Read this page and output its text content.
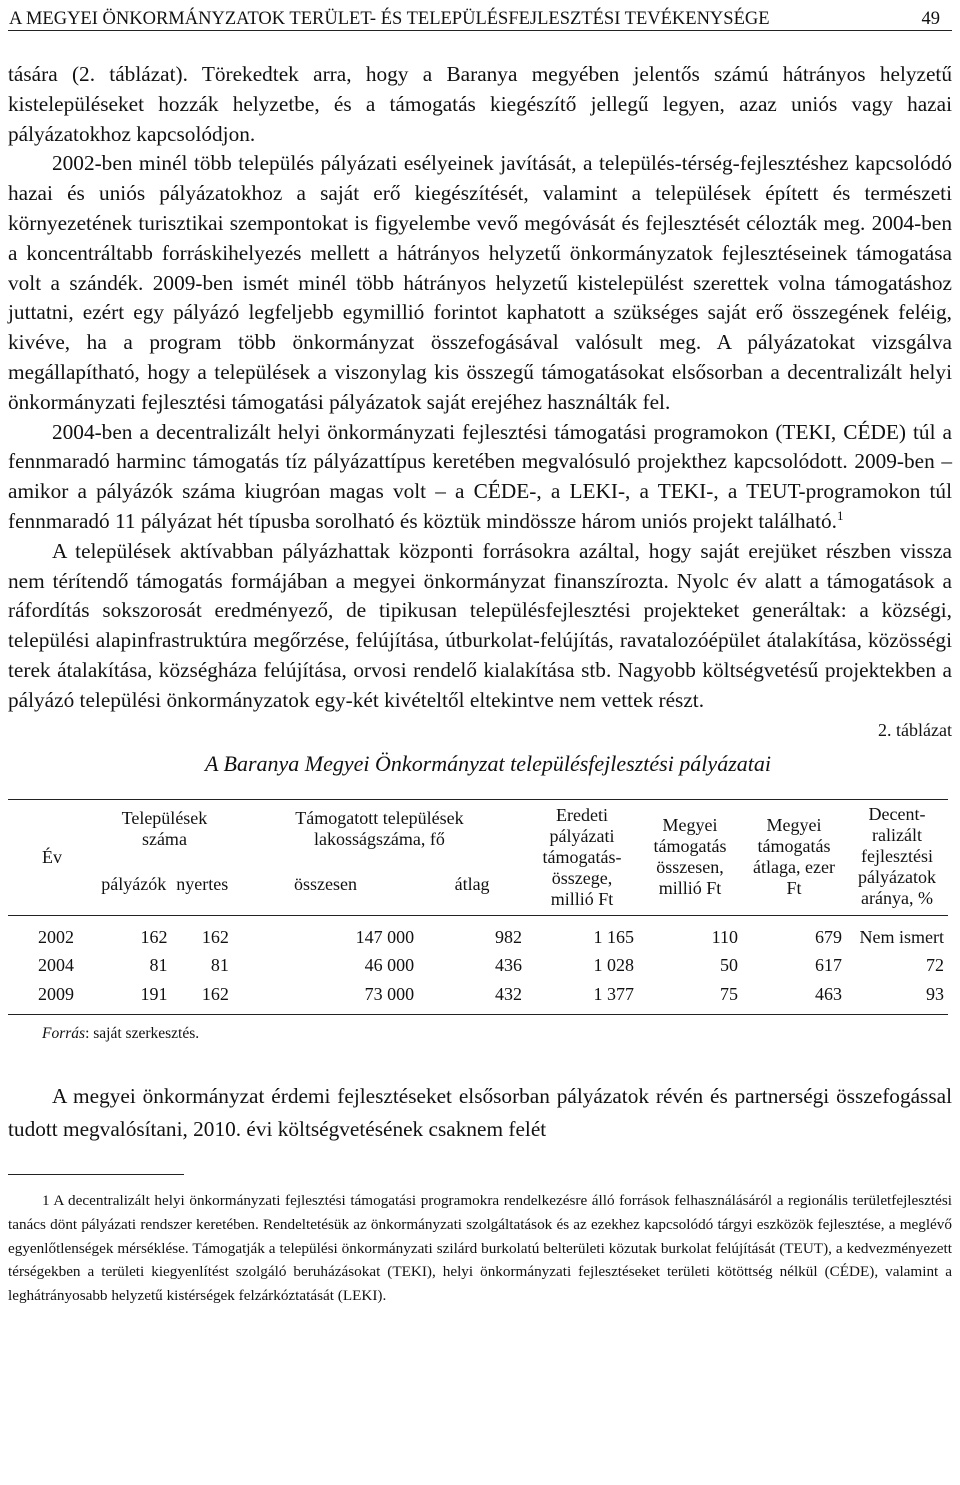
A MEGYEI ÖNKORMÁNYZATOK TERÜLET- ÉS TELEPÜLÉSFEJLESZTÉSI TEVÉKENYSÉGE	49

tására (2. táblázat). Törekedtek arra, hogy a Baranya megyében jelentős számú hátrányos helyzetű kistelepüléseket hozzák helyzetbe, és a támogatás kiegészítő jellegű legyen, azaz uniós vagy hazai pályázatokhoz kapcsolódjon.

2002-ben minél több település pályázati esélyeinek javítását, a település-térség-fejlesztéshez kapcsolódó hazai és uniós pályázatokhoz a saját erő kiegészítését, valamint a települések épített és természeti környezetének turisztikai szempontokat is figyelembe vevő megóvását és fejlesztését célozták meg. 2004-ben a koncentráltabb forráskihelyezés mellett a hátrányos helyzetű önkormányzatok fejlesztéseinek támogatása volt a szándék. 2009-ben ismét minél több hátrányos helyzetű kistelepülést szerettek volna támogatáshoz juttatni, ezért egy pályázó legfeljebb egymillió forintot kaphatott a szükséges saját erő összegének feléig, kivéve, ha a program több önkormányzat összefogásával valósult meg. A pályázatokat vizsgálva megállapítható, hogy a települések a viszonylag kis összegű támogatásokat elsősorban a decentralizált helyi önkormányzati fejlesztési támogatási pályázatok saját erejéhez használták fel.

2004-ben a decentralizált helyi önkormányzati fejlesztési támogatási programokon (TEKI, CÉDE) túl a fennmaradó harminc támogatás tíz pályázattípus keretében megvalósuló projekthez kapcsolódott. 2009-ben – amikor a pályázók száma kiugróan magas volt – a CÉDE-, a LEKI-, a TEKI-, a TEUT-programokon túl fennmaradó 11 pályázat hét típusba sorolható és köztük mindössze három uniós projekt található.$^1$

A települések aktívabban pályázhattak központi forrásokra azáltal, hogy saját erejüket részben vissza nem térítendő támogatás formájában a megyei önkormányzat finanszírozta. Nyolc év alatt a támogatások a ráfordítás sokszorosát eredményező, de tipikusan településfejlesztési projekteket generáltak: a községi, települési alapinfrastruktúra megőrzése, felújítása, útburkolat-felújítás, ravatalozóépület átalakítása, közösségi terek átalakítása, községháza felújítása, orvosi rendelő kialakítása stb. Nagyobb költségvetésű projektekben a pályázó települési önkormányzatok egy-két kivételtől eltekintve nem vettek részt.

2. táblázat
A Baranya Megyei Önkormányzat településfejlesztési pályázatai
Év	Települések száma		Támogatott települések lakosságszáma, fő		Eredeti pályázati támogatás-összege, millió Ft	Megyei támogatás összesen, millió Ft	Megyei támogatás átlaga, ezer Ft	Decent-ralizált fejlesztési pályázatok aránya, %
	pályázók	nyertes	összesen	átlag				
2002	162	162	147 000	982	1 165	110	679	Nem ismert
2004	81	81	46 000	436	1 028	50	617	72
2009	191	162	73 000	432	1 377	75	463	93
Forrás: saját szerkesztés.

A megyei önkormányzat érdemi fejlesztéseket elsősorban pályázatok révén és partnerségi összefogással tudott megvalósítani, 2010. évi költségvetésének csaknem felét

1 A decentralizált helyi önkormányzati fejlesztési támogatási programokra rendelkezésre álló források felhasználásáról a regionális területfejlesztési tanács dönt pályázati rendszer keretében. Rendeltetésük az önkormányzati szolgáltatások és az ezekhez kapcsolódó tárgyi eszközök fejlesztése, a meglévő egyenlőtlenségek mérséklése. Támogatják a települési önkormányzati szilárd burkolatú belterületi közutak burkolat felújítását (TEUT), a kedvezményezett térségekben a területi kiegyenlítést szolgáló beruházásokat (TEKI), helyi önkormányzati fejlesztéseket területi kötöttség nélkül (CÉDE), valamint a leghátrányosabb helyzetű kistérségek felzárkóztatását (LEKI).
